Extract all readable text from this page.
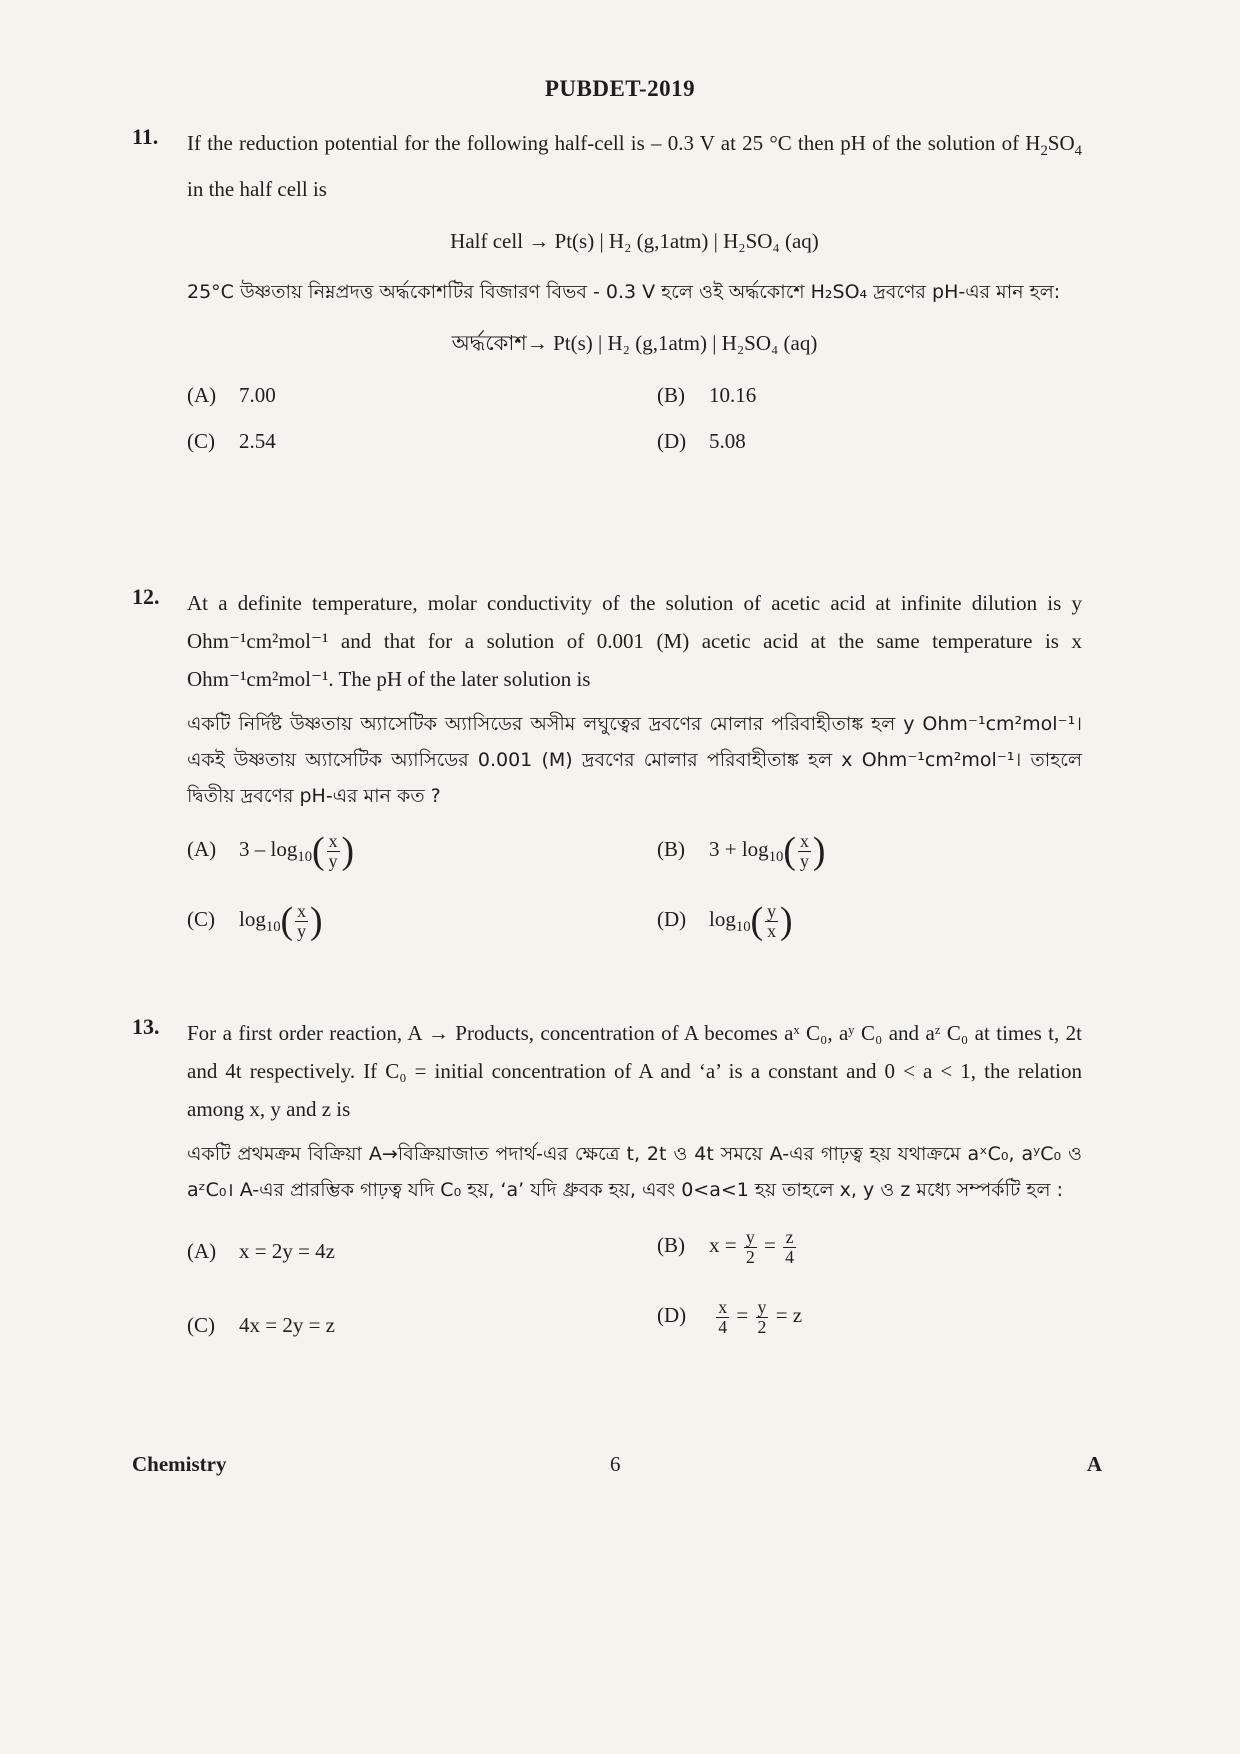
PUBDET-2019
11. If the reduction potential for the following half-cell is – 0.3 V at 25 °C then pH of the solution of $H_2SO_4$ in the half cell is
Half cell → Pt(s) | H₂ (g,1atm) | H₂SO₄ (aq)
25°C উষ্ণতায় নিম্নপ্রদত্ত অর্দ্ধকোশটির বিজারণ বিভব - 0.3 V হলে ওই অর্দ্ধকোশে H₂SO₄ দ্রবণের pH-এর মান হল:
অর্দ্ধকোশ→ Pt(s) | H₂ (g,1atm) | H₂SO₄ (aq)
(A) 7.00	(B) 10.16
(C) 2.54	(D) 5.08
12. At a definite temperature, molar conductivity of the solution of acetic acid at infinite dilution is y Ohm⁻¹cm²mol⁻¹ and that for a solution of 0.001 (M) acetic acid at the same temperature is x Ohm⁻¹cm²mol⁻¹. The pH of the later solution is
একটি নির্দিষ্ট উষ্ণতায় অ্যাসেটিক অ্যাসিডের অসীম লঘুত্বের দ্রবণের মোলার পরিবাহীতাঙ্ক হল y Ohm⁻¹cm²mol⁻¹। একই উষ্ণতায় অ্যাসেটিক অ্যাসিডের 0.001 (M) দ্রবণের মোলার পরিবাহীতাঙ্ক হল x Ohm⁻¹cm²mol⁻¹। তাহলে দ্বিতীয় দ্রবণের pH-এর মান কত ?
(A) $3 - \log_{10}( \frac{x}{y}$ )	(B) $3 + \log_{10}( \frac{x}{y}$ )
(C) $\log_{10}( \frac{x}{y}$ )	(D) $\log_{10}( \frac{y}{x}$ )
13. For a first order reaction, A → Products, concentration of A becomes aˣ C₀, aʸ C₀ and aᶻ C₀ at times t, 2t and 4t respectively. If C₀ = initial concentration of A and ‘a’ is a constant and 0 < a < 1, the relation among x, y and z is
একটি প্রথমক্রম বিক্রিয়া A→বিক্রিয়াজাত পদার্থ-এর ক্ষেত্রে t, 2t ও 4t সময়ে A-এর গাঢ়ত্ব হয় যথাক্রমে aˣC₀, aʸC₀ ও aᶻC₀। A-এর প্রারম্ভিক গাঢ়ত্ব যদি C₀ হয়, ‘a’ যদি ধ্রুবক হয়, এবং 0<a<1 হয় তাহলে x, y ও z মধ্যে সম্পর্কটি হল :
(A) x = 2y = 4z	(B) $x = \frac{y}{2} = \frac{z}{4}$
(C) 4x = 2y = z	$(D) \frac{x}{4} = \frac{y}{2} = z$
Chemistry	6	A
